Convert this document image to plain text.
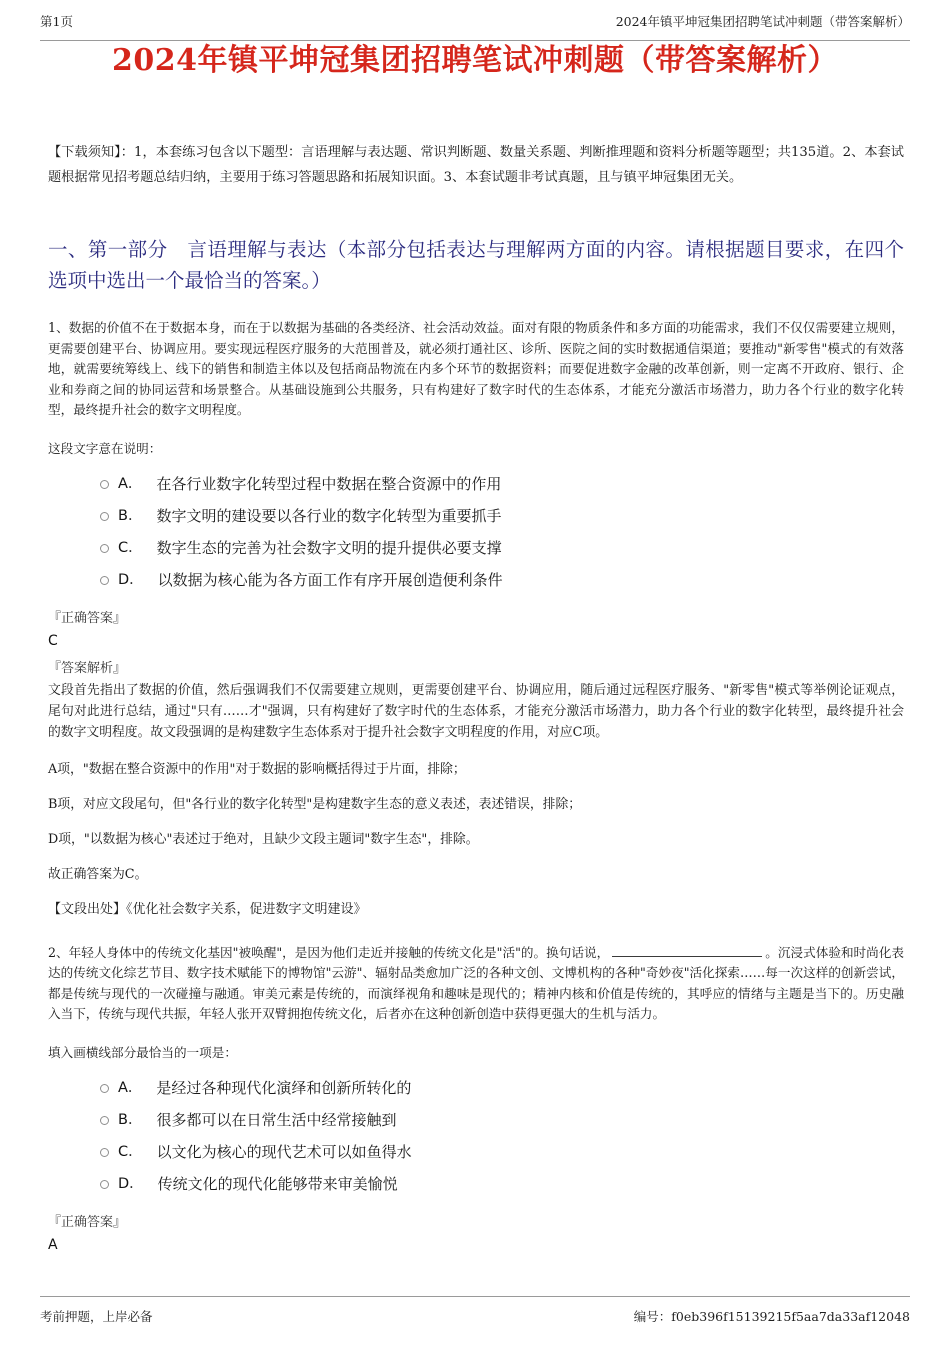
第1页	2024年镇平坤冠集团招聘笔试冲刺题（带答案解析）
2024年镇平坤冠集团招聘笔试冲刺题（带答案解析）

【下载须知】：1，本套练习包含以下题型：言语理解与表达题、常识判断题、数量关系题、判断推理题和资料分析题等题型；共135道。2、本套试题根据常见招考题总结归纳，主要用于练习答题思路和拓展知识面。3、本套试题非考试真题，且与镇平坤冠集团无关。

一、第一部分　言语理解与表达（本部分包括表达与理解两方面的内容。请根据题目要求，在四个选项中选出一个最恰当的答案。）

1、数据的价值不在于数据本身，而在于以数据为基础的各类经济、社会活动效益。面对有限的物质条件和多方面的功能需求，我们不仅仅需要建立规则，更需要创建平台、协调应用。要实现远程医疗服务的大范围普及，就必须打通社区、诊所、医院之间的实时数据通信渠道；要推动"新零售"模式的有效落地，就需要统筹线上、线下的销售和制造主体以及包括商品物流在内多个环节的数据资料；而要促进数字金融的改革创新，则一定离不开政府、银行、企业和券商之间的协同运营和场景整合。从基础设施到公共服务，只有构建好了数字时代的生态体系，才能充分激活市场潜力，助力各个行业的数字化转型，最终提升社会的数字文明程度。

这段文字意在说明：

A． 在各行业数字化转型过程中数据在整合资源中的作用
B． 数字文明的建设要以各行业的数字化转型为重要抓手
C． 数字生态的完善为社会数字文明的提升提供必要支撑
D． 以数据为核心能为各方面工作有序开展创造便利条件

『正确答案』

C

『答案解析』

文段首先指出了数据的价值，然后强调我们不仅需要建立规则，更需要创建平台、协调应用，随后通过远程医疗服务、"新零售"模式等举例论证观点，尾句对此进行总结，通过"只有……才"强调，只有构建好了数字时代的生态体系，才能充分激活市场潜力，助力各个行业的数字化转型，最终提升社会的数字文明程度。故文段强调的是构建数字生态体系对于提升社会数字文明程度的作用，对应C项。

A项，"数据在整合资源中的作用"对于数据的影响概括得过于片面，排除；

B项，对应文段尾句，但"各行业的数字化转型"是构建数字生态的意义表述，表述错误，排除；

D项，"以数据为核心"表述过于绝对，且缺少文段主题词"数字生态"，排除。

故正确答案为C。

【文段出处】《优化社会数字关系，促进数字文明建设》

2、年轻人身体中的传统文化基因"被唤醒"，是因为他们走近并接触的传统文化是"活"的。换句话说，	。沉浸式体验和时尚化表达的传统文化综艺节目、数字技术赋能下的博物馆"云游"、辐射品类愈加广泛的各种文创、文博机构的各种"奇妙夜"活化探索……每一次这样的创新尝试，都是传统与现代的一次碰撞与融通。审美元素是传统的，而演绎视角和趣味是现代的；精神内核和价值是传统的，其呼应的情绪与主题是当下的。历史融入当下，传统与现代共振，年轻人张开双臂拥抱传统文化，后者亦在这种创新创造中获得更强大的生机与活力。

填入画横线部分最恰当的一项是：

A． 是经过各种现代化演绎和创新所转化的
B． 很多都可以在日常生活中经常接触到
C． 以文化为核心的现代艺术可以如鱼得水
D． 传统文化的现代化能够带来审美愉悦

『正确答案』

A

考前押题，上岸必备	编号：f0eb396f15139215f5aa7da33af12048
